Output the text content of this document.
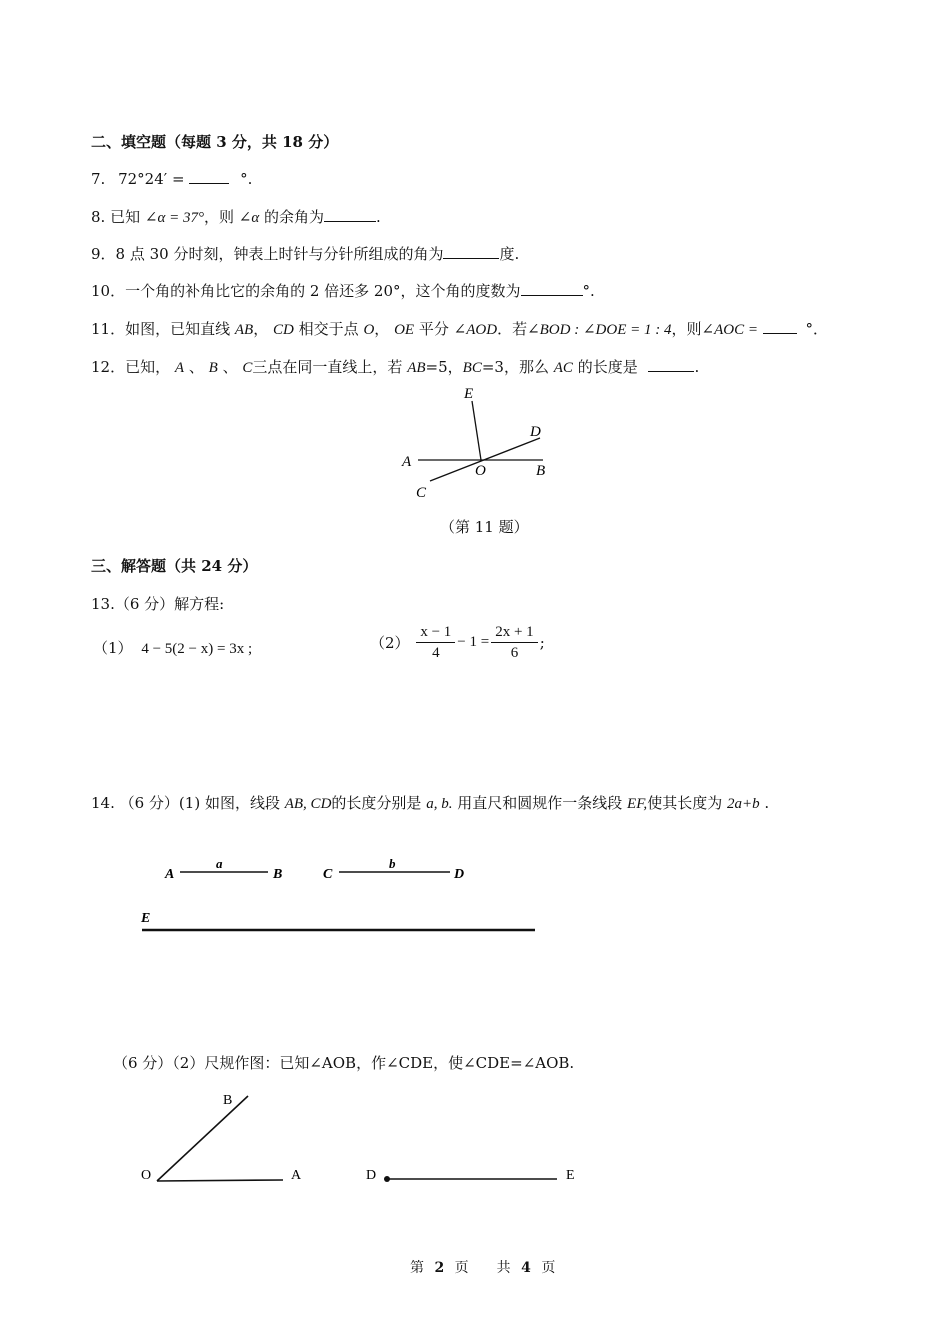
二、填空题（每题 3 分，共 18 分）
7. 72°24′ =	°.
8. 已知 ∠α = 37°，则 ∠α 的余角为	.
9．8 点 30 分时刻，钟表上时针与分针所组成的角为	度.
10．一个角的补角比它的余角的 2 倍还多 20°，这个角的度数为	°.
11．如图，已知直线 AB， CD 相交于点 O， OE 平分 ∠AOD．若∠BOD : ∠DOE = 1 : 4，则∠AOC =	°．
12．已知， A 、 B 、 C三点在同一直线上，若 AB=5，BC=3，那么 AC 的长度是	.
E
D
A
O	B
C
（第 11 题）
三、解答题（共 24 分）
13.（6 分）解方程:
（1） 4 − 5(2 − x) = 3x ;	$(2) \frac{x - 1}{4} - 1 = \frac{2x + 1}{6}$ ;
14. （6 分）(1) 如图，线段 AB, CD的长度分别是 a, b. 用直尺和圆规作一条线段 EF,使其长度为 2a+b .
A
a
B	C
b
D
E
（6 分）（2）尺规作图：已知∠AOB，作∠CDE，使∠CDE=∠AOB.
B
O	A	D	E
第 2 页　　共 4 页
